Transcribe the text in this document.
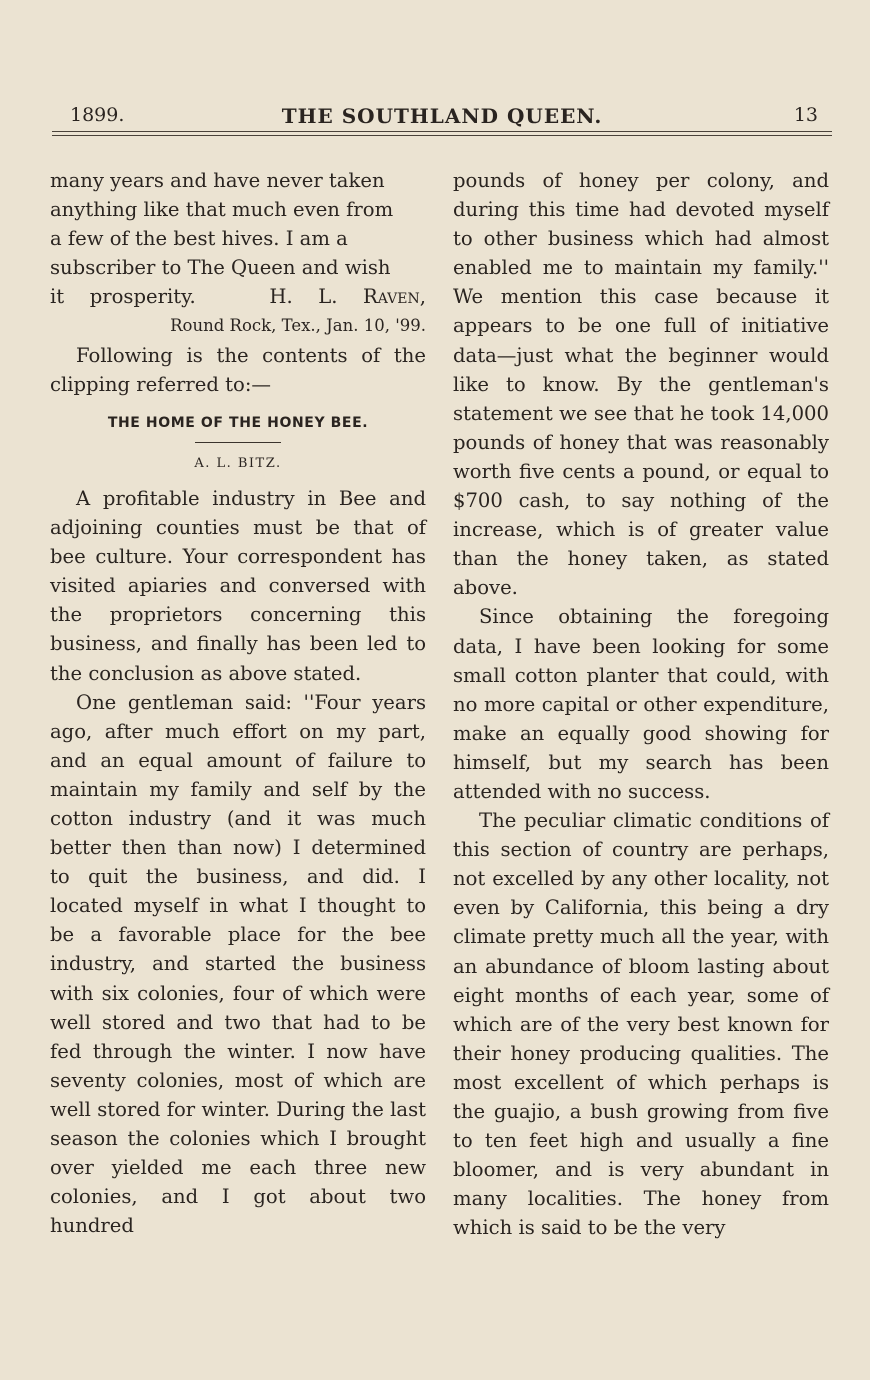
1899.	THE SOUTHLAND QUEEN.	13

many years and have never taken

anything like that much even from

a few of the best hives. I am a

subscriber to The Queen and wish

it prosperity.	H. L. Raven,

Round Rock, Tex., Jan. 10, '99.

Following is the contents of the clipping referred to:—

THE HOME OF THE HONEY BEE.
A. L. BITZ.

A profitable industry in Bee and adjoining counties must be that of bee culture. Your correspondent has visited apiaries and conversed with the proprietors concerning this business, and finally has been led to the conclusion as above stated.

One gentleman said: ''Four years ago, after much effort on my part, and an equal amount of failure to maintain my family and self by the cotton industry (and it was much better then than now) I determined to quit the business, and did. I located myself in what I thought to be a favorable place for the bee industry, and started the business with six colonies, four of which were well stored and two that had to be fed through the winter. I now have seventy colonies, most of which are well stored for winter. During the last season the colonies which I brought over yielded me each three new colonies, and I got about two hundred

pounds of honey per colony, and during this time had devoted myself to other business which had almost enabled me to maintain my family.'' We mention this case because it appears to be one full of initiative data—just what the beginner would like to know. By the gentleman's statement we see that he took 14,000 pounds of honey that was reasonably worth five cents a pound, or equal to $700 cash, to say nothing of the increase, which is of greater value than the honey taken, as stated above.

Since obtaining the foregoing data, I have been looking for some small cotton planter that could, with no more capital or other expenditure, make an equally good showing for himself, but my search has been attended with no success.

The peculiar climatic conditions of this section of country are perhaps, not excelled by any other locality, not even by California, this being a dry climate pretty much all the year, with an abundance of bloom lasting about eight months of each year, some of which are of the very best known for their honey producing qualities. The most excellent of which perhaps is the guajio, a bush growing from five to ten feet high and usually a fine bloomer, and is very abundant in many localities. The honey from which is said to be the very
